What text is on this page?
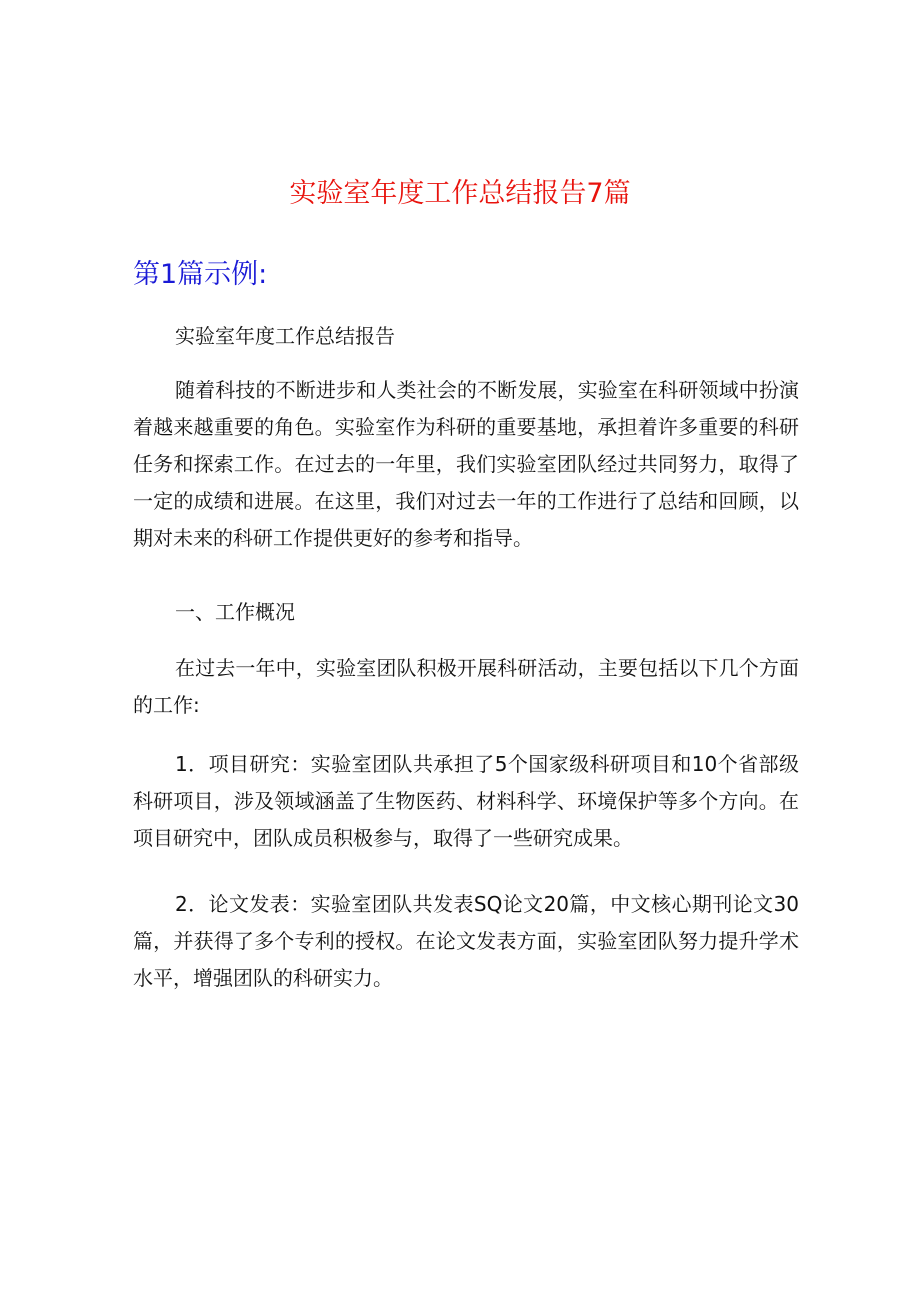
实验室年度工作总结报告7篇
第1篇示例:

实验室年度工作总结报告

随着科技的不断进步和人类社会的不断发展，实验室在科研领域中扮演着越来越重要的角色。实验室作为科研的重要基地，承担着许多重要的科研任务和探索工作。在过去的一年里，我们实验室团队经过共同努力，取得了一定的成绩和进展。在这里，我们对过去一年的工作进行了总结和回顾，以期对未来的科研工作提供更好的参考和指导。

一、工作概况

在过去一年中，实验室团队积极开展科研活动，主要包括以下几个方面的工作:

1．项目研究：实验室团队共承担了5个国家级科研项目和10个省部级科研项目，涉及领域涵盖了生物医药、材料科学、环境保护等多个方向。在项目研究中，团队成员积极参与，取得了一些研究成果。

2．论文发表：实验室团队共发表SQ论文20篇，中文核心期刊论文30篇，并获得了多个专利的授权。在论文发表方面，实验室团队努力提升学术水平，增强团队的科研实力。
